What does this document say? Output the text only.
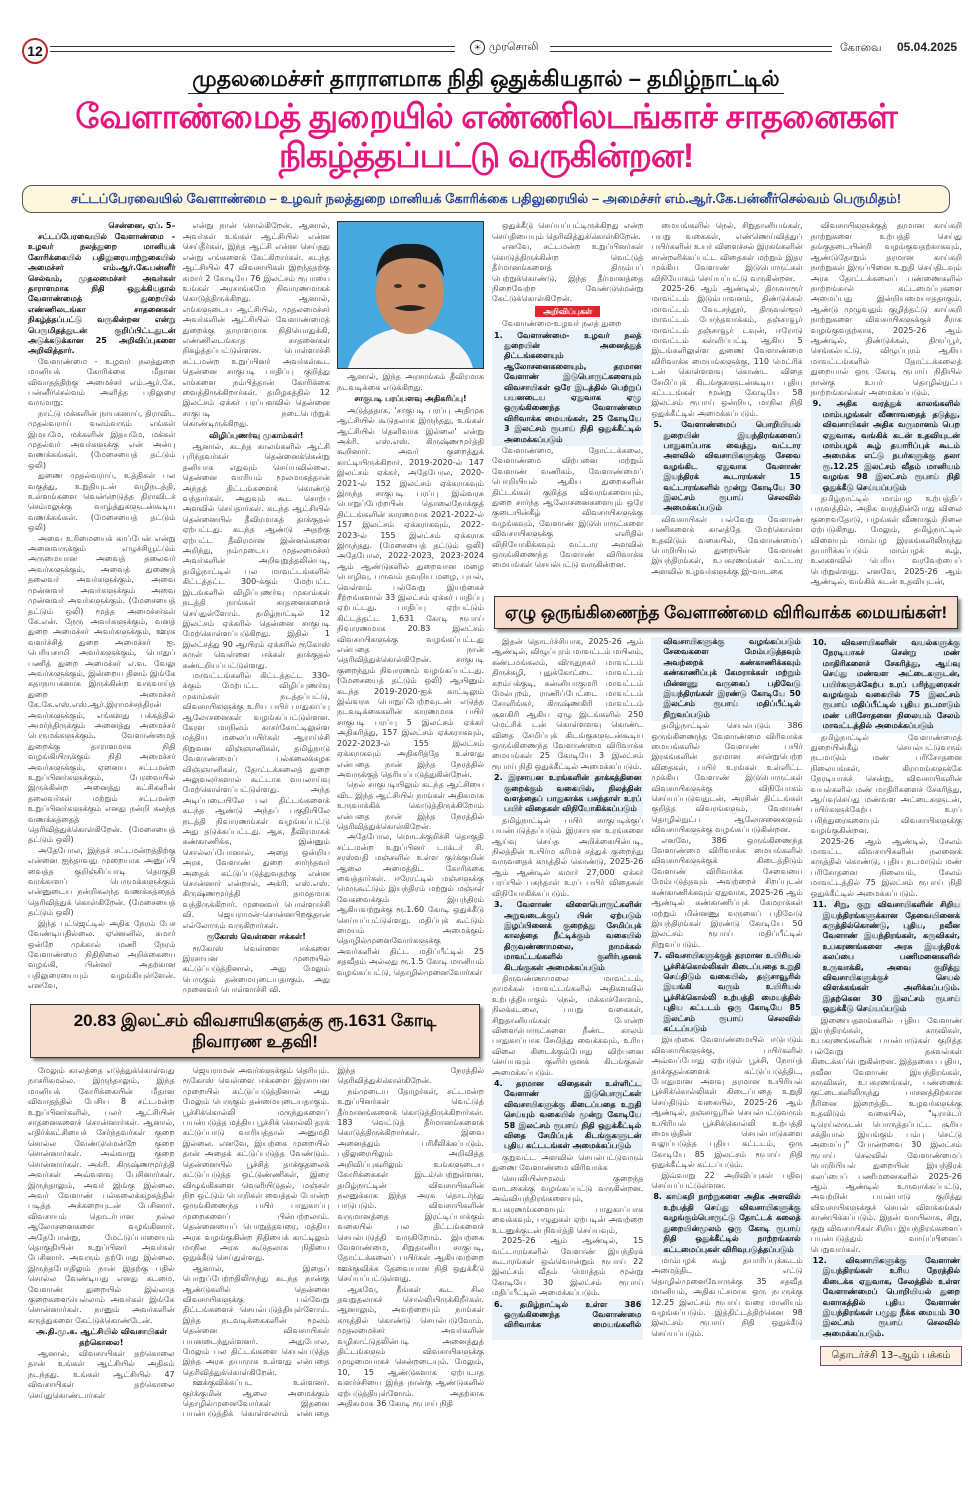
12	☀ முரசொலி	கோவை 05.04.2025
முதலமைச்சர் தாராளமாக நிதி ஒதுக்கியதால் – தமிழ்நாட்டில்
வேளாண்மைத் துறையில் எண்ணிலடங்காச் சாதனைகள் நிகழ்த்தப்பட்டு வருகின்றன!
சட்டப்பேரவையில் வேளாண்மை – உழவர் நலத்துறை மானியக் கோரிக்கை பதிலுரையில் – அமைச்சர் எம்.ஆர்.கே.பன்னீர்செல்வம் பெருமிதம்!

சென்னை, ஏப். 5–

சட்டப்பேரவையில் வேளாண்மை – உழவர் நலத்துறை மானியக் கோரிக்கையில் பதிலுரையாற்றுகையில் அமைச்சர் எம்.ஆர்.கே.பன்னீர் செல்வம், முதலமைச்சர் அவர்கள் தாராளமாக நிதி ஒதுக்கியதால் வேளாண்மைத் துறையில் எண்ணிலடங்கா சாதனைகள் நிகழ்த்தப்பட்டு வருகின்றன என்று பெருமிதத்துடன் குறிப்பிட்டதுடன் அடுக்கடுக்கான 25 அறிவிப்புகளை அறிவித்தார்.

வேளாண்மை - உழவர் நலத்துறை மானியக் கோரிக்கை மீதான விவாதத்திற்கு அமைச்சர் எம்.ஆர்.கே. பன்னீர்செல்வம் அளித்த பதிலுரை வருமாறு:

நாட்டு மக்களின் நாயகனாய், திராவிட முதல்வராய் வலம்வரும் எங்கள் இமயமே, மக்களின் இதயமே, மக்கள் முதல்வர் அவர்களுக்கு என் அன்பு வணக்கங்கள். (மேசையைத் தட்டும் ஒலி)

துணை முதல்வராய், உத்திகள் பல வகுத்து, உறுதியுடன் வழிநடத்தி, உள்ளங்களை வென்றெடுத்த திராவிடச் செம்மலுக்கு வாழ்த்துகளுடன்கூடிய வணக்கங்கள். (மேசையைத் தட்டும் ஒலி)

அவை உரிமையைக் காப்பேன் என்று அனைவருக்கும் எழுச்சியூட்டும் அருமையான அவைத் தலைவர் அவர்களுக்கும், அவைத் துணைத் தலைவர் அவர்களுக்கும், அவை முன்னவர் அவர்களுக்கும் அவை முன்னவர் அவர்களுக்கும். (மேசையைத் தட்டும் ஒலி) மூத்த அமைச்சர்கள் கே.என். நேரு அவர்களுக்கும், வனத் துறை அமைச்சர் அவர்களுக்கும், ஊரக வளர்ச்சித் துறை அமைச்சர் ஐ. பெரியசாமி அவர்களுக்கும், பொதுப் பணித் துறை அமைச்சர் எ.வ. வேலு அவர்களுக்கும், இன்றைய தினம் இங்கே கதாநாயகனாக இருக்கின்ற வருவாய்த் துறை அமைச்சர் கே.கே.எஸ்.எஸ்.ஆர்.இராமச்சந்திரன் அவர்களுக்கும், எங்களது பக்கத்தில் அமர்ந்திருக்கும் அனைத்து அமைச்சர் பெருமக்களுக்கும். வேளாண்மைத் துறைக்கு தாராளமாக நிதி வழங்கியிருக்கும் நிதி அமைச்சர் அவர்களுக்கும், ஏனைய சட்டமன்ற உறுப்பினர்களுக்கும், பேரவையில் இருக்கின்ற அனைத்து கட்சிகளின் தலைவர்கள் மற்றும் சட்டமன்ற உறுப்பினர்களுக்கும் எனது நன்றி கலந்த வணக்கத்தைத் தெரிவித்துக்கொள்கிறேன். (மேசையைத் தட்டும் ஒலி)

அதேபோல, இந்தச் சட்டமன்றத்திற்கு என்னை ஐந்தாவது முறையாக அனுப்பி வைத்த குறிஞ்சிப்பாடி தொகுதி வாக்காளப் பெருமக்களுக்கும் என்னுடைய நன்றிகலந்த வணக்கத்தைத் தெரிவித்துக் கொள்கிறேன். (மேசையைத் தட்டும் ஒலி)

இந்த பட்ஜெட்டில் அதிக நேரம் பேச வேண்டியதில்லை. ஏனெனில், சுமார் ஒன்றே முக்கால் மணி நேரம் வேளாண்மை நிதிநிலை அறிக்கையை வழங்கி, பின்னர் அதற்கான பதிலுரையையும் வழங்கியுள்ளேன். எனவே,

என்று நான் சொல்கிறேன். ஆனால், அவர்கள் உங்கள் ஆட்சியில் என்ன செய்தீர்கள், இந்த ஆட்சி என்ன செய்தது என்று எங்களைக் கேட்கிறார்கள். கடந்த ஆட்சியில் 47 விவசாயிகள் இறந்ததற்கு சுமார் 2 கோடியே 76 இலட்சம் ரூபாயை உங்கள் அரசாங்கமே நிவாரணமாகக் கொடுத்திருக்கிறது. ஆனால், எங்களுடைய ஆட்சியில், முதலமைச்சர் அவர்களின் ஆட்சியில் வேளாண்மைத் துறைக்கு தாராளமாக நிதியொதுக்கி, எண்ணிலடங்காத சாதனைகள் நிகழ்த்தப்பட்டுள்ளன. பொள்ளாச்சி சட்டமன்ற உறுப்பினர் அவர்கள்கூட தென்னை சாகுபடி பாதிப்பு குறித்து எங்களை நம்பித்தான் கோரிக்கை வைத்திருக்கிறார்கள். தமிழகத்தில் 12 இலட்சம் ஏக்கர் பரப்பளவில் தென்னை சாகுபடி நடைபெற்றுக் கொண்டிருக்கிறது.

விழிப்புணர்வு முகாம்கள்!

ஆனால், கடந்த காலங்களில் ஆட்சி புரிந்தவர்கள் தென்னைக்கென்று தனியாக எதுவும் செய்யவில்லை. தென்னை வாரியம் மூலமாகத்தான் அந்தத் திட்டங்களைக் கொண்டு வந்தார்கள். அதுவும் கூட சொற்ப அளவில் செய்தார்கள். கடந்த ஆட்சியில் தென்னையில் தீவிரமாகத் தாக்குதல் ஏற்பட்டது. கடந்த ஆண்டு அதற்கு ஏற்பட்ட தீவிரமான இன்னல்களை அறிந்து, நம்முடைய முதலமைச்சர் அவர்களின் அறிவுறுத்தலின்படி, தமிழ்நாட்டில் பல மாவட்டங்களில் கிட்டத்தட்ட 300-க்கும் மேற்பட்ட இடங்களில் விழிப்புணர்வு முகாம்கள் நடத்தி நாங்கள் சாதனைகளைச் செய்துள்ளோம். தமிழ்நாட்டில் 12 இலட்சம் ஏக்கரில் தென்னை சாகுபடி மேற்கொள்ளப்படுகிறது. இதில் 1 இலட்சத்து 90 ஆயிரம் ஏக்கரில் ரூகோஸ் சுருள் வெள்ளை ஈக்கள் தாக்குதல் கண்டறியப்பட்டுள்ளது.

மாவட்டங்களில் கிட்டத்தட்ட 330-க்கும் மேற்பட்ட விழிப்புணர்வு முகாம்கள் நடத்தப்பட்டு, விவசாயிகளுக்கு உரிய பயிர் பாதுகாப்பு ஆலோசனைகள் வழங்கப்பட்டுள்ளன. கேரள மாநிலம் காசர்கோட்டிலுள்ள மத்திய மலைப்பயிர்கள் ஆராய்ச்சி நிறுவன விஞ்ஞானிகள், தமிழ்நாடு வேளாண்மைப் பல்கலைக்கழக விஞ்ஞானிகள், தோட்டக்கலைத் துறை அலுவலர்களால் கூட்டாக வயலாய்வு மேற்கொள்ளப்பட்டுள்ளது. அந்த அடிப்படையிலே பல திட்டங்களைக் கடந்த ஆண்டு அந்தப் பகுதியிலே நடத்தி நிவாரணங்கள் வழங்கப்பட்டு அது தடுக்கப்பட்டது. ஆக, தீவிரமாகக் கண்காணிக்க, இன்னும் சொல்லப்போனால், அதை ஒன்றிய அரசு, வேளாண் துறை சார்ந்தவர் அதைக் கட்டுப்படுத்துவதற்கு என்ன சொன்னார் என்றால், அக்ரி. எஸ்.எஸ். கிருஷ்ணமூர்த்தி தாமதமாக வந்திருக்கிறார். முனைவர் பொள்ளாச்சி வி. ஜெயராமன்-சொன்னபிறகுதான் எல்லோரும் வருகிறார்கள்.

ரூகோஸ் வெள்ளை ஈக்கள்!

ரூகோஸ் வெள்ளை ஈக்களை இரசாயன முறையில் கட்டுப்படுத்தினால், அது மேலும் பெருகும் தன்மையுடையதாகும். அது முனைவர் பொள்ளாச்சி வி.

ஆனால், இந்த அரசாங்கம் தீவிரமாக நடவடிக்கை எடுக்கிறது.

சாகுபடி பரப்பளவு அதிகரிப்பு!

அடுத்ததாக, 'சாகுபடி பரப்பு அதிமுக ஆட்சியில் கூடுதலாக இருந்தது, உங்கள் ஆட்சியில் தெளிவாக இல்லை' என்று அக்ரி. எஸ்.எஸ். கிருஷ்ணமூர்த்தி கூறினார். அவர் குறைத்துக் காட்டியிருக்கிறார். 2019-2020-ல் 147 இலட்சம் ஏக்கர், அதேபோல, 2020-2021-ல் 152 இலட்சம் ஏக்கராகவும் இருந்த சாகுபடி பரப்பு இவ்வரசு பொறுப்பேற்றபின் தொலைநோக்குத் திட்டங்களின் காரணமாக 2021-2022-ல் 157 இலட்சம் ஏக்கராகவும், 2022-2023-ல் 155 இலட்சம் ஏக்கராக இருந்தது. (மேசையைத் தட்டும் ஒலி) அதேபோல, 2022-2023, 2023-2024 ஆம் ஆண்டுகளில் துறைவான மழை பொழிவு, பருவம் தவறிய மழை, புயல், வெள்ளம் பல்வேறு இயற்கைச் சீற்றங்களால் 33 இலட்சம் ஏக்கர் பாதிப்பு ஏற்பட்டது. பாதிப்பு ஏற்பட்டும் கிட்டத்தட்ட 1,631 கோடி ரூபாய் நிவாரணமாக 20.83 இலட்சம் விவசாயிகளுக்கு வழங்கப்பட்டது என்பதை நான் தெரிவித்துக்கொள்கிறேன். சாகுபடி குறைந்தும் நிவாரணம் வழங்கப்பட்டது. (மேசையைத் தட்டும் ஒலி) ஆயினும் கடந்த 2019-2020-ஐக் காட்டிலும் இவ்வரசு பொறுப்பேற்றவுடன் எடுத்த நடவடிக்கைகளின் காரணமாக பயிர் சாகுபடி பரப்பு 5 இலட்சம் ஏக்கர் அதிகரித்து, 157 இலட்சம் ஏக்கராகவும், 2022-2023-ல் 155 இலட்சம் ஏக்கராகவும் அதிகரித்தே உள்ளது என்பதை நான் இந்த நேரத்தில் அவருக்குத் தெரியப்படுத்துகின்றேன்.

நெல் சாகுபடியிலும் கடந்த ஆட்சியை விட இந்த ஆட்சியில் நாங்கள் அதிகமாக உருவாக்கிக் கொடுத்திருக்கிறோம் என்பதை நான் இந்த நேரத்தில் தெரிவித்துக்கொள்கிறேன்.

அதேபோல, மொடக்குறிச்சி தொகுதி சட்டமன்ற உறுப்பினர் டாக்டர் சி. சரஸ்வதி மஞ்சளில் உள்ள குர்க்குமின் ஆலை அமைத்திட கோரிக்கை வைத்தார்கள். ஈரோட்டில் மஞ்சளுக்கு மெருகூட்டும் இயந்திரம் மற்றும் மஞ்சள் வேகவைக்கும் இயந்திரம் ஆகியவற்றுக்கு ரூ.1.60 கோடி ஒதுக்கீடு செய்யப்பட்டுள்ளது. மதிப்புக் கூட்டும் மையம் அமைக்கும் தொழில்முனைவோர்களுக்கு அவர்களின் திட்ட மதிப்பீட்டில் 25 சதவீதம் அல்லது ரூ.1.5 கோடி மானியம் வழங்கப்பட்டு, தொழில்முனைவோர்கள்

20.83 இலட்சம் விவசாயிகளுக்கு ரூ.1631 கோடி நிவாரண உதவி!

மேலும் காலத்தை எடுத்துக்கொள்வது நாகரிகமல்ல. இருந்தாலும், இந்த மானியக் கோரிக்கையின் மீதான விவாதத்தில் பேசிய 8 சட்டமன்ற உறுப்பினர்களில், பலர் ஆட்சியின் சாதனைகளைச் சொன்னார்கள். ஆனால், எதிர்க்கட்சியைச் சேர்ந்தவர்கள் குறை சொல்ல வேண்டுமென்றே குறை சொன்னார்கள். அவ்வாறு குறை சொன்னார்கள். அக்ரி. கிருஷ்ணமூர்த்தி அவர்கள் அவ்வளவு பேசினார்கள். இருந்தாலும், அவர் இங்கு இல்லை. அவர் வேளாண் பல்கலைக்கழகத்தில் படித்த அக்கறையுடன் பேசினார். விவசாயம் தொடர்பான நல்ல ஆலோசனைகளை வழங்கினார். அதேபோன்று, மேட்டுப்பாளையம் தொகுதியின் உறுப்பினர் அவர்கள் பேசினார். அவரும் தற்போது இல்லை. இருந்தபோதிலும் நான் இதற்கு பதில் சொல்ல வேண்டியது எனது கடமை. வேளாண் துறையில் இல்லாத குறைகளையெல்லாம் அவர்கள் இங்கே சொன்னார்கள். நானும் அவர்களின் கருத்துகளை கேட்டுக்கொண்டேன்.

அ.தி.மு.க. ஆட்சியில் விவசாயிகள் தற்கொலை!

ஆனால், விவசாயிகள் தற்கொலை தான் உங்கள் ஆட்சியில் அதிகம் நடந்தது. உங்கள் ஆட்சியில் 47 விவசாயிகள் தற்கொலை செய்துகொண்டார்கள்

ஜெயராமன் அவர்களுக்கும் தெரியும். ரூகோஸ் வெள்ளை ஈக்களை இரசாயன முறையில் கட்டுப்படுத்தினால் அது மேலும் பெருகும் தன்மையுடையதாகும். பூச்சிக்கொல்லி மருந்துகளைப் பயன்படுத்த மத்திய பூச்சிக் கொல்லி தரக் கட்டுப்பாடு வாரியத்தால் அனுமதி இல்லை. எனவே, இயற்கை முறையில் தான் அதைக் கட்டுப்படுத்த வேண்டும். தென்னையில் பூச்சித் தாக்குதலைக் கட்டுப்படுத்த ஒட்டுண்ணிகள், இரை விழுங்கிகளை வெளியிடுதல், மஞ்சள் நிற ஒட்டும் பொறிகள் வைத்தல் போன்ற ஒருங்கிணைந்த பயிர் பாதுகாப்பு முறைகளைப் பின்பற்றலாம். தென்னையைப் பொறுத்தவரை, மத்திய அரசு வழங்குகின்ற நிதியைக் காட்டிலும் மாநில அரசு கூடுதலாக நிதியை ஒதுக்கீடு செய்துள்ளது.

ஆனால், இதைப் பொறுப்பேற்றதிலிருந்து கடந்த நான்கு ஆண்டுகளில் தென்னை விவசாயிகளுக்கு பல்வேறு திட்டங்களைச் செயல்படுத்தியுள்ளோம். இந்த நடவடிக்கைகளின் மூலம் தென்னை விவசாயிகள் பயனடைந்துள்ளனர். அதுபோல, மேலும் பல திட்டங்களை செயல்படுத்த இந்த அரசு தயாராக உள்ளது என்பதை தெரிவித்துக்கொள்கிறேன்.

ஊக்குவிக்கப்பட உள்ளனர். குர்க்குமின் ஆலை அமைக்கும் தொழில்முனைவோர்கள் இதனை பயன்படுத்திக் கொள்ளலாம் என்பதை இந்த நேரத்தில் தெரிவித்துக்கொள்கிறேன்.

நம்முடைய தோழர்கள், சட்டமன்ற உறுப்பினர்கள் வெட்டுத் தீர்மானங்களைக் கொடுத்திருக்கிறார்கள். 183 வெட்டுத் தீர்மானங்களைக் கொடுத்திருக்கிறார்கள். இவை அனைத்தும் பரிசீலிக்கப்படும். பதிலுரையிலும் அறிவித்த அறிவிப்புகளிலும் உங்களுடைய கோரிக்கைகள் இடம்பெற்றுள்ளன. தமிழ்நாட்டின் விவசாயிகளின் நலனுக்காக இந்த அரசு தொடர்ந்து பாடுபடும். விவசாயிகளின் வருமானத்தை இரட்டிப்பாக்கும் வகையில் பல திட்டங்களைச் செயல்படுத்தி வருகிறோம். இயற்கை வேளாண்மை, சிறுதானிய சாகுபடி, தோட்டக்கலைப் பயிர்கள் ஆகியவற்றை ஊக்குவிக்க தேவையான நிதி ஒதுக்கீடு செய்யப்பட்டுள்ளது.

ஆகவே, நீங்கள் கூட சில தவறுதலாகச் சொல்லியிருக்கிறீர்கள். ஆனாலும், அவற்றையும் நாங்கள் கருத்தில் கொண்டு செயல்படுவோம். முதலமைச்சர் அவர்களின் வழிகாட்டுதலின்படி அனைத்துத் திட்டங்களும் விவசாயிகளுக்கு முழுமையாகச் சென்றடையும். மேலும், 10, 15 ஆண்டுகளாக ஏற்படாத வளர்ச்சியை இந்த நான்கு ஆண்டுகளில் ஏற்படுத்தியுள்ளோம். அதற்காக அதிகமாக 36 கோடி ரூபாய் நிதி

ஒதுக்கீடு செய்யப்பட்டிருக்கிறது என்ற செய்தியையும் தெரிவித்துக்கொள்கிறேன்.

எனவே, சட்டமன்ற உறுப்பினர்கள் கொடுத்திருக்கின்ற வெட்டுத் தீர்மானங்களைத் திரும்பப் பெற்றுக்கொண்டு, இந்த தீர்மானத்தை நிறைவேற்ற வேண்டுமென்று கேட்டுக்கொள்கிறேன்.

அறிவிப்புகள்

வேளாண்மை-உழவர் நலத் துறை

1. வேளாண்மை- உழவர் நலத் துறையின் அனைத்துத் திட்டங்களையும் ஆலோசனைகளையும், தரமான வேளாண் இடுபொருட்களையும் விவசாயிகள் ஒரே இடத்தில் பெற்றுப் பயனடைய ஏதுவாக ஏழு ஒருங்கிணைந்த வேளாண்மை விரிவாக்க மையங்கள், 25 கோடியே 3 இலட்சம் ரூபாய் நிதி ஒதுக்கீட்டில் அமைக்கப்படும்

வேளாண்மை, தோட்டக்கலை, வேளாண்மை விற்பனை மற்றும் வேளாண் வணிகம், வேளாண்மைப் பொறியியல் ஆகிய துறைகளின் திட்டங்கள் குறித்த விவரங்களையும், துறை சார்ந்த ஆலோசனைகளையும் ஒரே குடையின்கீழ் விவசாயிகளுக்கு வழங்கவும், வேளாண் இடுபொருட்களை விவசாயிகளுக்கு எளிதில் விநியோகிக்கவும் வட்டார அளவில் ஒருங்கிணைந்த வேளாண் விரிவாக்க மையங்கள் செயல்பட்டு வருகின்றன.

மையங்களில் நெல், சிறுதானியங்கள், பயறு வகைகள், எண்ணெய்வித்துப் பயிர்களின் உயர் விளைச்சல் இரகங்களின் சான்றளிக்கப்பட்ட விதைகள் மற்றும் இதர முக்கிய வேளாண் இடுபொருட்கள் விநியோகம் செய்யப்பட்டு வருகின்றன.

2025-26 ஆம் ஆண்டில், திருவாரூர் மாவட்டம் இடும்பாவனம், திண்டுக்கல் மாவட்டம் வேடசந்தூர், திருவள்ளூர் மாவட்டம் போந்தவாக்கம், தஞ்சாவூர் மாவட்டம் தஞ்சாவூர் டவுன், ஈரோடு மாவட்டம் கள்ளிப்பட்டி ஆகிய 5 இடங்களிலுள்ள துணை வேளாண்மை விரிவாக்க மையங்களுக்கு, 110 மெட்ரிக் டன் கொள்ளளவு கொண்ட விதை சேமிப்புக் கிடங்குகளுடன்கூடிய புதிய கட்டடங்கள் மூன்று கோடியே 58 இலட்சம் ரூபாய் ஒன்றிய, மாநில நிதி ஒதுக்கீட்டில் அமைக்கப்படும்.

5. வேளாண்மைப் பொறியியல் துறையின் இயந்திரங்களைப் பாதுகாப்பாக வைத்து, வட்டார அளவில் விவசாயிகளுக்கு சேவை வழங்கிட ஏதுவாக வேளாண் இயந்திரக் கூடாரங்கள் 15 வட்டாரங்களில் மூன்று கோடியே 30 இலட்சம் ரூபாய் செலவில் அமைக்கப்படும்

விவசாயிகள் பல்வேறு வேளாண் பணிகளைக் காலத்தே மேற்கொள்ள உதவிடும் வகையில், வேளாண்மைப் பொறியியல் துறையின் வேளாண் இயந்திரங்கள், உபகரணங்கள் வட்டார அளவில் உழவர்களுக்கு இ-வாடகை

விவசாயிகளுக்குத் தரமான காய்கறி நாற்றுகளை உற்பத்தி செய்து தங்குதடையின்றி வழங்குவதற்காகவும், ஆண்டுதோறும் தரமான காய்கறி நாற்றுகள் இருப்பினை உறுதி செய்திடவும் அரசு தோட்டக்கலைப் பண்ணைகளில் நாற்றங்கால் கட்டமைப்புகளை அமைப்பது இன்றியமையாததாகும். ஆண்டு முழுவதும் குழித்தட்டு காய்கறி நாற்றுகளை விவசாயிகளுக்குச் சீராக வழங்குவதற்காக, 2025-26 ஆம் ஆண்டில், திண்டுக்கல், திருப்பூர், செங்கல்பட்டு, விழுப்புரம் ஆகிய மாவட்டங்களில் தோட்டக்கலைத் துறையால் ஒரு கோடி ரூபாய் நிதியில் நான்கு உயர் தொழில்நுட்ப நாற்றங்கால்கள் அமைக்கப்படும்.

9. அதிக வரத்துக் காலங்களில் மாம்பழங்கள் வீணாவதைத் தடுத்து, விவசாயிகள் அதிக வருமானம் பெற ஏதுவாக, வங்கிக் கடன் உதவியுடன் மாம்பழக் கூழ் தயாரிப்புக் கூடம் அமைக்க எட்டு நபர்களுக்கு தலா ரூ.12.25 இலட்சம் வீதம் மானியம் வழங்க 98 இலட்சம் ரூபாய் நிதி ஒதுக்கீடு செய்யப்படும்

தமிழ்நாட்டில் மாம்பழ உற்பத்திப் பருவத்தில், அதிக வரத்தின்போது விலை குறைவதோடு, பழங்கள் வீணாகும் நிலை ஏற்படுகிறது. மேலும், தமிழ்நாட்டில் விளையும் மாம்பழ இரகங்களிலிருந்து தயாரிக்கப்படும் மாம்பழக் கூழ், உலகளவில் பெரிய வரவேற்பைப் பெற்றுள்ளது. எனவே, 2025-26 ஆம் ஆண்டில், வங்கிக் கடன் உதவியுடன்,

ஏழு ஒருங்கிணைந்த வேளாண்மை விரிவாக்க மையங்கள்!

இதன் தொடர்ச்சியாக, 2025-26 ஆம் ஆண்டில், விழுப்புரம் மாவட்டம் மயிலம், கண்டமங்கலம், விருதுநகர் மாவட்டம் திருச்சுழி, புதுக்கோட்டை மாவட்டம் கறம்பக்குடி, கன்னியாகுமரி மாவட்டம் மேல்புறம், ராணிப்பேட்டை மாவட்டம் சோளிங்கர், கிருஷ்ணகிரி மாவட்டம் சூளகிரி ஆகிய ஏழு இடங்களில் 250 மெட்ரிக் டன் கொள்ளளவு கொண்ட விதை சேமிப்புக் கிடங்குகளுடன்கூடிய ஒருங்கிணைந்த வேளாண்மை விரிவாக்க மையங்கள் 25 கோடியே 3 இலட்சம் ரூபாய் நிதி ஒதுக்கீட்டில் அமைக்கப்படும்.

2. இரசாயன உரங்களின் தாக்கத்தினை குறைக்கும் வகையில், நிலத்தின் வளத்தைப் பாதுகாக்க பசுந்தாள் உரப் பயிர் விதைகள் விநியோகிக்கப்படும்

தமிழ்நாட்டில் பயிர் சாகுபடிக்குப் பயன்படுத்தப்படும் இரசாயன உரங்களை ஆய்வு செய்த அறிக்கையின்படி, நிலத்தின் உயிர்ம கரிமச் சத்துக் குறைந்து வருவதைக் கருத்தில் கொண்டு, 2025-26 ஆம் ஆண்டில் சுமார் 27,000 ஏக்கர் பரப்பில் பசுந்தாள் உரப் பயிர் விதைகள் விநியோகிக்கப்படும்.

3. வேளாண் விளைபொருட்களின் அறுவடைக்குப் பின் ஏற்படும் இழப்பினைக் குறைத்து சேமிப்புக் காலத்தை நீட்டிக்கும் வகையில் திருவண்ணாமலை, நாமக்கல் மாவட்டங்களில் குளிர்பதனக் கிடங்குகள் அமைக்கப்படும்

திருவண்ணாமலை மாவட்டம், நாமக்கல் மாவட்டங்களில் அதிகளவில் உற்பத்தியாகும் நெல், மக்காச்சோளம், நிலக்கடலை, பயறு வகைகள், சிறுதானியங்கள் போன்ற விளைபொருட்களை நீண்ட காலம் பாதுகாப்பாக சேமித்து வைக்கவும், உரிய விலை கிடைக்கும்போது விற்பனை செய்யவும் குளிர்பதனக் கிடங்குகள் அமைக்கப்படும்.

4. தரமான விதைகள் உள்ளிட்ட வேளாண் இடுபொருட்கள் விவசாயிகளுக்கு கிடைப்பதை உறுதி செய்யும் வகையில் மூன்று கோடியே 58 இலட்சம் ரூபாய் நிதி ஒதுக்கீட்டில் விதை சேமிப்புக் கிடங்குகளுடன் புதிய கட்டடங்கள் அமைக்கப்படும்

குறுவட்ட அளவில் செயல்பட்டுவரும் துணை வேளாண்மை விரிவாக்க

செயலியின்மூலம் குறைந்த வாடகைக்கு வழங்கப்பட்டு வருகின்றன. அவ்வியந்திரங்களையும், உபகரணங்களையும் பாதுகாப்பாக வைக்கவும், பழுதுகள் ஏற்படின் அவற்றை உடனுக்குடன் நிவர்த்தி செய்யவும்,

2025-26 ஆம் ஆண்டில், 15 வட்டாரங்களில் வேளாண் இயந்திரக் கூடாரங்கள் ஒவ்வொன்றும் ரூபாய் 22 இலட்சம் வீதம் மொத்தம் மூன்று கோடியே 30 இலட்சம் ரூபாய் மதிப்பீட்டில் அமைக்கப்படும்.

6. தமிழ்நாட்டில் உள்ள 386 ஒருங்கிணைந்த வேளாண்மை விரிவாக்க மையங்களில் விவசாயிகளுக்கு வழங்கப்படும் சேவைகளை மேம்படுத்தவும் அவற்றைக் கண்காணிக்கவும் கண்காணிப்புக் கேமராக்கள் மற்றும் மின்னணு வருகைப் பதிவேடு இயந்திரங்கள் இரண்டு கோடியே 50 இலட்சம் ரூபாய் மதிப்பீட்டில் நிறுவப்படும்

தமிழ்நாட்டில் செயல்படும் 386 ஒருங்கிணைந்த வேளாண்மை விரிவாக்க மையங்களில் வேளாண் பயிர் இரகங்களின் தரமான சான்றுபெற்ற விதைகள், பயிர் உரங்கள் உள்ளிட்ட முக்கிய வேளாண் இடுபொருட்கள் விவசாயிகளுக்கு விநியோகம் செய்யப்படுவதுடன், அரசின் திட்டங்கள் குறித்த விவரங்களும், வேளாண் தொழில்நுட்ப ஆலோசனைகளும் விவசாயிகளுக்கு வழங்கப்படுகின்றன.

எனவே, 386 ஒருங்கிணைந்த வேளாண்மை விரிவாக்க மையங்களில் விவசாயிகளுக்குக் கிடைத்திடும் வேளாண் விரிவாக்க சேவையை மேம்படுத்தவும் அவற்றைச் சிறப்புடன் கண்காணிக்கவும் ஏதுவாக, 2025-26 ஆம் ஆண்டில் கண்காணிப்புக் கேமராக்கள் மற்றும் மின்னணு வருகைப் பதிவேடு இயந்திரங்கள் இரண்டு கோடியே 50 இலட்சம் ரூபாய் மதிப்பீட்டில் நிறுவப்படும்.

7. விவசாயிகளுக்குத் தரமான உயிரியல் பூச்சிக்கொல்லிகள் கிடைப்பதை உறுதி செய்திடும் வகையில், தஞ்சாவூரில் இயங்கி வரும் உயிரியல் பூச்சிக்கொல்லி உற்பத்தி மையத்தில் புதிய கட்டடம் ஒரு கோடியே 85 இலட்சம் ரூபாய் செலவில் கட்டப்படும்

இயற்கை வேளாண்மையில் ஈடுபடும் விவசாயிகளுக்கு, பயிர்களில் அவ்வப்போது ஏற்படும் பூச்சி, நோய்த் தாக்குதல்களைக் கட்டுப்படுத்திட, போதுமான அளவு தரமான உயிரியல் பூச்சிக்கொல்லிகள் கிடைப்பதை உறுதி செய்திடும் வகையில், 2025-26 ஆம் ஆண்டில், தஞ்சாவூரில் செயல்பட்டுவரும் உயிரியல் பூச்சிக்கொல்லி உற்பத்தி மையத்தின் செயல்பாடுகளை வலுப்படுத்த புதிய கட்டடம், ஒரு கோடியே 85 இலட்சம் ரூபாய் நிதி ஒதுக்கீட்டில் கட்டப்படும்.

இவ்வாறு 22 அறிவிப்புகள் பதிவு செய்யப்பட்டுள்ளன.

8. காய்கறி நாற்றுகளை அதிக அளவில் உற்பத்தி செய்து விவசாயிகளுக்கு வழங்கும்பொருட்டு தோட்டக் கலைத் துறையின்மூலம் ஒரு கோடி ரூபாய் நிதி ஒதுக்கீட்டில் நாற்றங்கால் கட்டமைப்புகள் விரிவுபடுத்தப்படும்

மாம்பழக் கூழ் தயாரிப்புக்கூடம் அமைத்திட எட்டு தொழில்முனைவோருக்கு 35 சதவீத மானியம், அதிகபட்சமாக ஒரு நபருக்கு 12.25 இலட்சம் ரூபாய் வரை மானியம் வழங்கப்படும். இத்திட்டத்திற்கென 98 இலட்சம் ரூபாய் நிதி ஒதுக்கீடு செய்யப்படும்.

10. விவசாயிகளின் வயல்களுக்கு நேரடியாகச் சென்று மண் மாதிரிகளைச் சேகரித்து, ஆய்வு செய்து மண்வள அட்டைகளுடன், பயிர்களுக்கேற்ப உரப் பரிந்துரைகள் வழங்கும் வகையில் 75 இலட்சம் ரூபாய் மதிப்பீட்டில் புதிய நடமாடும் மண் பரிசோதனை நிலையம் சேலம் மாவட்டத்தில் அமைக்கப்படும்

தமிழ்நாட்டில் வேளாண்மைத் துறையின்கீழ் செயல்பட்டுவரும் நடமாடும் மண் பரிசோதனை நிலையங்கள், கிராமங்களுக்கே நேரடியாகச் சென்று, விவசாயிகளின் வயல்களில் மண் மாதிரிகளைச் சேகரித்து, ஆய்வுசெய்து மண்வள அட்டைகளுடன், பயிர்களுக்கேற்ப உரப் பரிந்துரைகளையும் விவசாயிகளுக்கு வழங்குகின்றன.

2025-26 ஆம் ஆண்டில், சேலம் மாவட்ட விவசாயிகளின் நலனைக் கருத்தில் கொண்டு, புதிய நடமாடும் மண் பரிசோதனை நிலையம், சேலம் மாவட்டத்தில் 75 இலட்சம் ரூபாய் நிதி ஒதுக்கீட்டில் அமைக்கப்படும்.

11. சிறு, குறு விவசாயிகளின் சிறிய இயந்திரங்களுக்கான தேவையினைக் கருத்தில்கொண்டு, புதிய, நவீன வேளாண் இயந்திரங்கள், கருவிகள், உபகரணங்களை அரசு இயந்திரக் கலப்பை பணிமனைகளில் உருவாக்கி, அவை குறித்து விவசாயிகளுக்குச் செயல் விளக்கங்கள் அளிக்கப்படும். இதற்கென 30 இலட்சம் ரூபாய் ஒதுக்கீடு செய்யப்படும்

இணையதளங்களில் புதிய வேளாண் இயந்திரங்கள், கருவிகள், உபகரணங்களின் பயன்பாடுகள் குறித்த பல்வேறு தகவல்கள் கிடைக்கப்பெறுகின்றன. இத்தகைய புதிய, நவீன வேளாண் இயந்திரங்கள், கருவிகள், உபகரணங்கள், பண்ணைக் குட்டைகளிலிருந்து பாசனத்திற்கான நீரினை இறைத்திட உழவர்களுக்கு உதவிடும் வகையில், "டிராக்டர் டிரெய்லருடன் பொருத்தப்பட்ட சூரிய சக்தியால் இயங்கும் பம்பு செட்டு அமைப்பு" போன்றவை 30 இலட்சம் ரூபாய் செலவில் வேளாண்மைப் பொறியியல் துறையின் இயந்திரக் கலப்பைப் பணிமனைகளில் 2025-26 ஆம் ஆண்டில் உருவாக்கப்பட்டு, அவற்றின் பயன்பாடு குறித்து விவசாயிகளுக்குச் செயல் விளக்கங்கள் காண்பிக்கப்படும். இதன் வாயிலாக, சிறு, குறு விவசாயிகள் சிறிய இயந்திரங்களைப் பயன்படுத்தும் வாய்ப்பினைப் பெறுவார்கள்.

12. விவசாயிகளுக்கு வேளாண் இயந்திரங்கள் உரிய நேரத்தில் கிடைக்க ஏதுவாக, சேலத்தில் உள்ள வேளாண்மைப் பொறியியல் துறை வளாகத்தில் புதிய வேளாண் இயந்திரங்கள் பழுது நீக்க மையம் 30 இலட்சம் ரூபாய் செலவில் அமைக்கப்படும்.

தொடர்ச்சி 13–ஆம் பக்கம்
